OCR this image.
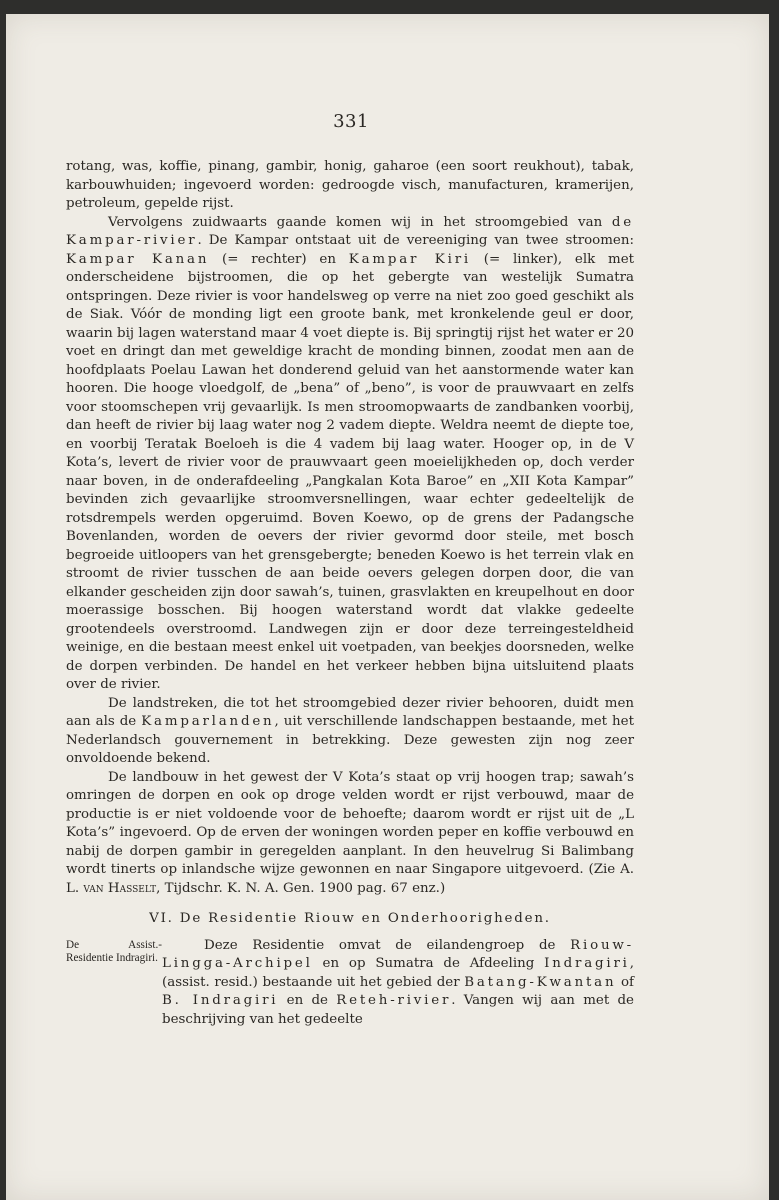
331

rotang, was, koffie, pinang, gambir, honig, gaharoe (een soort reukhout), tabak, karbouwhuiden; ingevoerd worden: gedroogde visch, manufacturen, kramerijen, petroleum, gepelde rijst.

Vervolgens zuidwaarts gaande komen wij in het stroomgebied van de Kampar-rivier. De Kampar ontstaat uit de vereeniging van twee stroomen: Kampar Kanan (= rechter) en Kampar Kiri (= linker), elk met onderscheidene bijstroomen, die op het gebergte van westelijk Sumatra ontspringen. Deze rivier is voor handelsweg op verre na niet zoo goed geschikt als de Siak. Vóór de monding ligt een groote bank, met kronkelende geul er door, waarin bij lagen waterstand maar 4 voet diepte is. Bij springtij rijst het water er 20 voet en dringt dan met geweldige kracht de monding binnen, zoodat men aan de hoofdplaats Poelau Lawan het donderend geluid van het aanstormende water kan hooren. Die hooge vloedgolf, de „bena” of „beno”, is voor de prauwvaart en zelfs voor stoomschepen vrij gevaarlijk. Is men stroomopwaarts de zandbanken voorbij, dan heeft de rivier bij laag water nog 2 vadem diepte. Weldra neemt de diepte toe, en voorbij Teratak Boeloeh is die 4 vadem bij laag water. Hooger op, in de V Kota’s, levert de rivier voor de prauwvaart geen moeielijkheden op, doch verder naar boven, in de onderafdeeling „Pangkalan Kota Baroe” en „XII Kota Kampar” bevinden zich gevaarlijke stroomversnellingen, waar echter gedeeltelijk de rotsdrempels werden opgeruimd. Boven Koewo, op de grens der Padangsche Bovenlanden, worden de oevers der rivier gevormd door steile, met bosch begroeide uitloopers van het grensgebergte; beneden Koewo is het terrein vlak en stroomt de rivier tusschen de aan beide oevers gelegen dorpen door, die van elkander gescheiden zijn door sawah’s, tuinen, grasvlakten en kreupelhout en door moerassige bosschen. Bij hoogen waterstand wordt dat vlakke gedeelte grootendeels overstroomd. Landwegen zijn er door deze terreingesteldheid weinige, en die bestaan meest enkel uit voetpaden, van beekjes doorsneden, welke de dorpen verbinden. De handel en het verkeer hebben bijna uitsluitend plaats over de rivier.

De landstreken, die tot het stroomgebied dezer rivier behooren, duidt men aan als de Kamparlanden, uit verschillende landschappen bestaande, met het Nederlandsch gouvernement in betrekking. Deze gewesten zijn nog zeer onvoldoende bekend.

De landbouw in het gewest der V Kota’s staat op vrij hoogen trap; sawah’s omringen de dorpen en ook op droge velden wordt er rijst verbouwd, maar de productie is er niet voldoende voor de behoefte; daarom wordt er rijst uit de „L Kota’s” ingevoerd. Op de erven der woningen worden peper en koffie verbouwd en nabij de dorpen gambir in geregelden aanplant. In den heuvelrug Si Balimbang wordt tinerts op inlandsche wijze gewonnen en naar Singapore uitgevoerd. (Zie A. L. van Hasselt, Tijdschr. K. N. A. Gen. 1900 pag. 67 enz.)

VI. De Residentie Riouw en Onderhoorigheden.
De Assist.-Residentie Indragiri.

Deze Residentie omvat de eilandengroep de Riouw-Lingga-Archipel en op Sumatra de Afdeeling Indragiri, (assist. resid.) bestaande uit het gebied der Batang-Kwantan of B. Indragiri en de Reteh-rivier. Vangen wij aan met de beschrijving van het gedeelte
